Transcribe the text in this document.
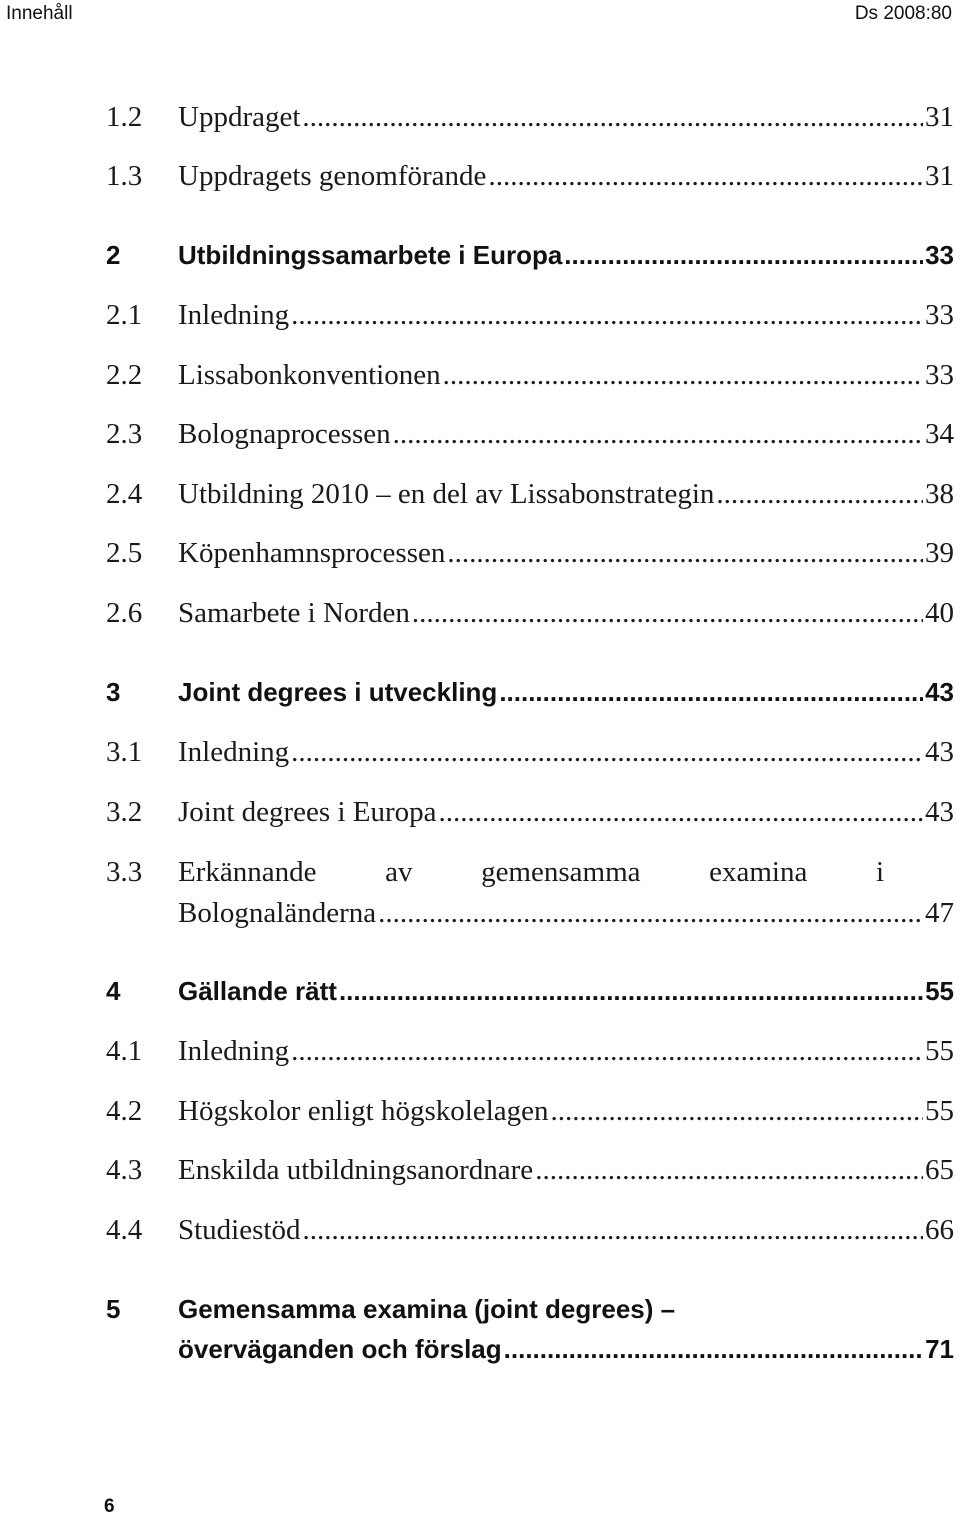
Innehåll	Ds 2008:80
1.2 Uppdraget .....	31
1.3 Uppdragets genomförande .....	31
2 Utbildningssamarbete i Europa .....	33
2.1 Inledning .....	33
2.2 Lissabonkonventionen .....	33
2.3 Bolognaprocessen .....	34
2.4 Utbildning 2010 – en del av Lissabonstrategin .....	38
2.5 Köpenhamnsprocessen .....	39
2.6 Samarbete i Norden .....	40
3 Joint degrees i utveckling .....	43
3.1 Inledning .....	43
3.2 Joint degrees i Europa .....	43
3.3 Erkännande av gemensamma examina i
Bolognaländerna .....	47
4 Gällande rätt .....	55
4.1 Inledning .....	55
4.2 Högskolor enligt högskolelagen .....	55
4.3 Enskilda utbildningsanordnare .....	65
4.4 Studiestöd .....	66
5 Gemensamma examina (joint degrees) –
överväganden och förslag .....	71
6
